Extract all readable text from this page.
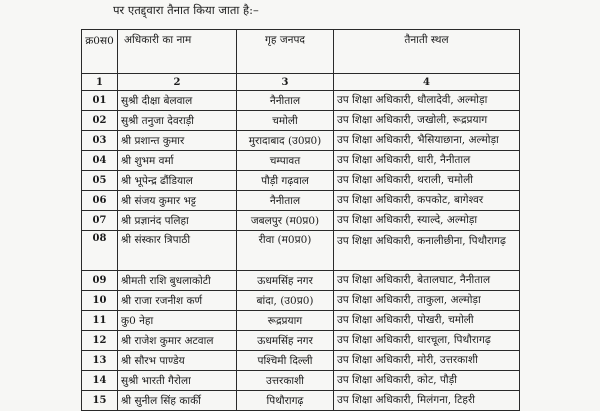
पर एतद्द्वारा तैनात किया जाता है:–
क्र0स0	अधिकारी का नाम	गृह जनपद	तैनाती स्थल
1	2	3	4
01	सुश्री दीक्षा बेलवाल	नैनीताल	उप शिक्षा अधिकारी, धौलादेवी, अल्मोड़ा
02	सुश्री तनुजा देवराड़ी	चमोली	उप शिक्षा अधिकारी, जखोली, रूद्रप्रयाग
03	श्री प्रशान्त कुमार	मुरादाबाद (उ0प्र0)	उप शिक्षा अधिकारी, भैसियाछाना, अल्मोड़ा
04	श्री शुभम वर्मा	चम्पावत	उप शिक्षा अधिकारी, धारी, नैनीताल
05	श्री भूपेन्द्र ढौंडियाल	पौड़ी गढ़वाल	उप शिक्षा अधिकारी, थराली, चमोली
06	श्री संजय कुमार भट्ट	नैनीताल	उप शिक्षा अधिकारी, कपकोट, बागेश्वर
07	श्री प्रज्ञानंद पलिहा	जबलपुर (म0प्र0)	उप शिक्षा अधिकारी, स्याल्दे, अल्मोड़ा
08	श्री संस्कार त्रिपाठी	रीवा (म0प्र0)	उप शिक्षा अधिकारी, कनालीछीना, पिथौरागढ़
09	श्रीमती राशि बुधलाकोटी	ऊधमसिंह नगर	उप शिक्षा अधिकारी, बेतालघाट, नैनीताल
10	श्री राजा रजनीश कर्ण	बांदा, (उ0प्र0)	उप शिक्षा अधिकारी, ताकुला, अल्मोड़ा
11	कु0 नेहा	रूद्रप्रयाग	उप शिक्षा अधिकारी, पोखरी, चमोली
12	श्री राजेश कुमार अटवाल	ऊधमसिंह नगर	उप शिक्षा अधिकारी, धारचूला, पिथौरागढ़
13	श्री सौरभ पाण्डेय	पश्चिमी दिल्ली	उप शिक्षा अधिकारी, मोरी, उत्तरकाशी
14	सुश्री भारती गैरोला	उत्तरकाशी	उप शिक्षा अधिकारी, कोट, पौड़ी
15	श्री सुनील सिंह कार्की	पिथौरागढ़	उप शिक्षा अधिकारी, मिलंगना, टिहरी
